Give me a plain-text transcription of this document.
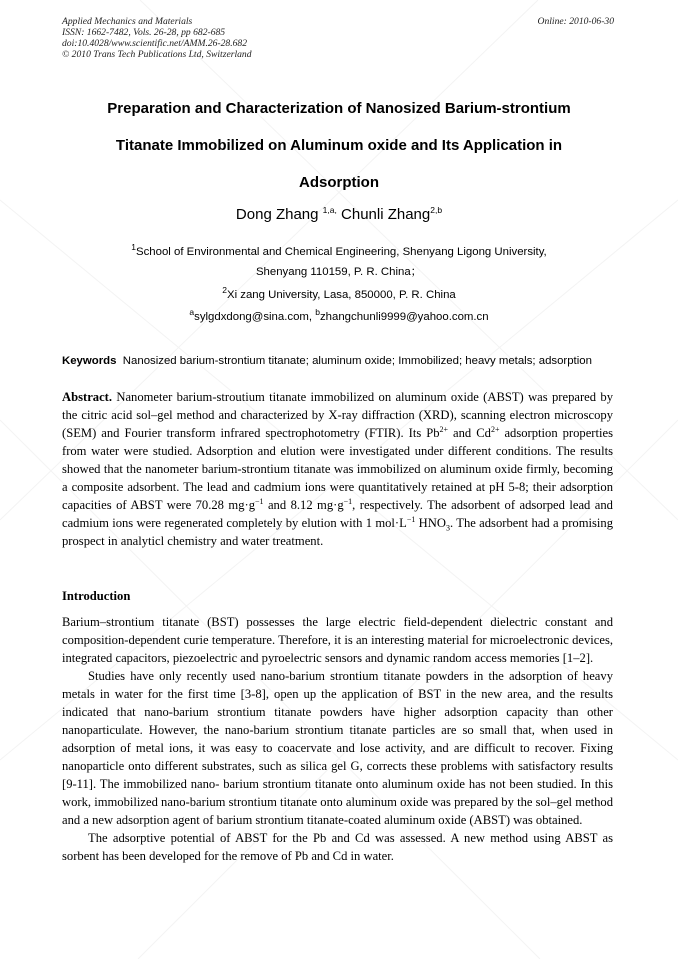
Applied Mechanics and Materials
ISSN: 1662-7482, Vols. 26-28, pp 682-685
doi:10.4028/www.scientific.net/AMM.26-28.682
© 2010 Trans Tech Publications Ltd, Switzerland
Online: 2010-06-30
Preparation and Characterization of Nanosized Barium-strontium
Titanate Immobilized on Aluminum oxide and Its Application in
Adsorption
Dong Zhang $^{1,a,}$ Chunli Zhang$^{2,b}$
$^1$School of Environmental and Chemical Engineering, Shenyang Ligong University,
Shenyang 110159, P. R. China；
$^2$Xi zang University, Lasa, 850000, P. R. China
$^a$sylgdxdong@sina.com, $^b$zhangchunli9999@yahoo.com.cn
Keywords Nanosized barium-strontium titanate; aluminum oxide; Immobilized; heavy metals; adsorption
Abstract. Nanometer barium-stroutium titanate immobilized on aluminum oxide (ABST) was prepared by the citric acid sol–gel method and characterized by X-ray diffraction (XRD), scanning electron microscopy (SEM) and Fourier transform infrared spectrophotometry (FTIR). Its $Pb^{2+}$ and $Cd^{2+}$ adsorption properties from water were studied. Adsorption and elution were investigated under different conditions. The results showed that the nanometer barium-strontium titanate was immobilized on aluminum oxide firmly, becoming a composite adsorbent. The lead and cadmium ions were quantitatively retained at pH 5-8; their adsorption capacities of ABST were 70.28 $mg\cdot g^{-1}$ and 8.12 $mg\cdot g^{-1}$, respectively. The adsorbent of adsorped lead and cadmium ions were regenerated completely by elution with 1 $mol\cdot L^{-1}$ $HNO_3$. The adsorbent had a promising prospect in analyticl chemistry and water treatment.
Introduction

Barium–strontium titanate (BST) possesses the large electric field-dependent dielectric constant and composition-dependent curie temperature. Therefore, it is an interesting material for microelectronic devices, integrated capacitors, piezoelectric and pyroelectric sensors and dynamic random access memories [1–2].

Studies have only recently used nano-barium strontium titanate powders in the adsorption of heavy metals in water for the first time [3-8], open up the application of BST in the new area, and the results indicated that nano-barium strontium titanate powders have higher adsorption capacity than other nanoparticulate. However, the nano-barium strontium titanate particles are so small that, when used in adsorption of metal ions, it was easy to coacervate and lose activity, and are difficult to recover. Fixing nanoparticle onto different substrates, such as silica gel G, corrects these problems with satisfactory results [9-11]. The immobilized nano- barium strontium titanate onto aluminum oxide has not been studied. In this work, immobilized nano-barium strontium titanate onto aluminum oxide was prepared by the sol–gel method and a new adsorption agent of barium strontium titanate-coated aluminum oxide (ABST) was obtained.

The adsorptive potential of ABST for the Pb and Cd was assessed. A new method using ABST as sorbent has been developed for the remove of Pb and Cd in water.
